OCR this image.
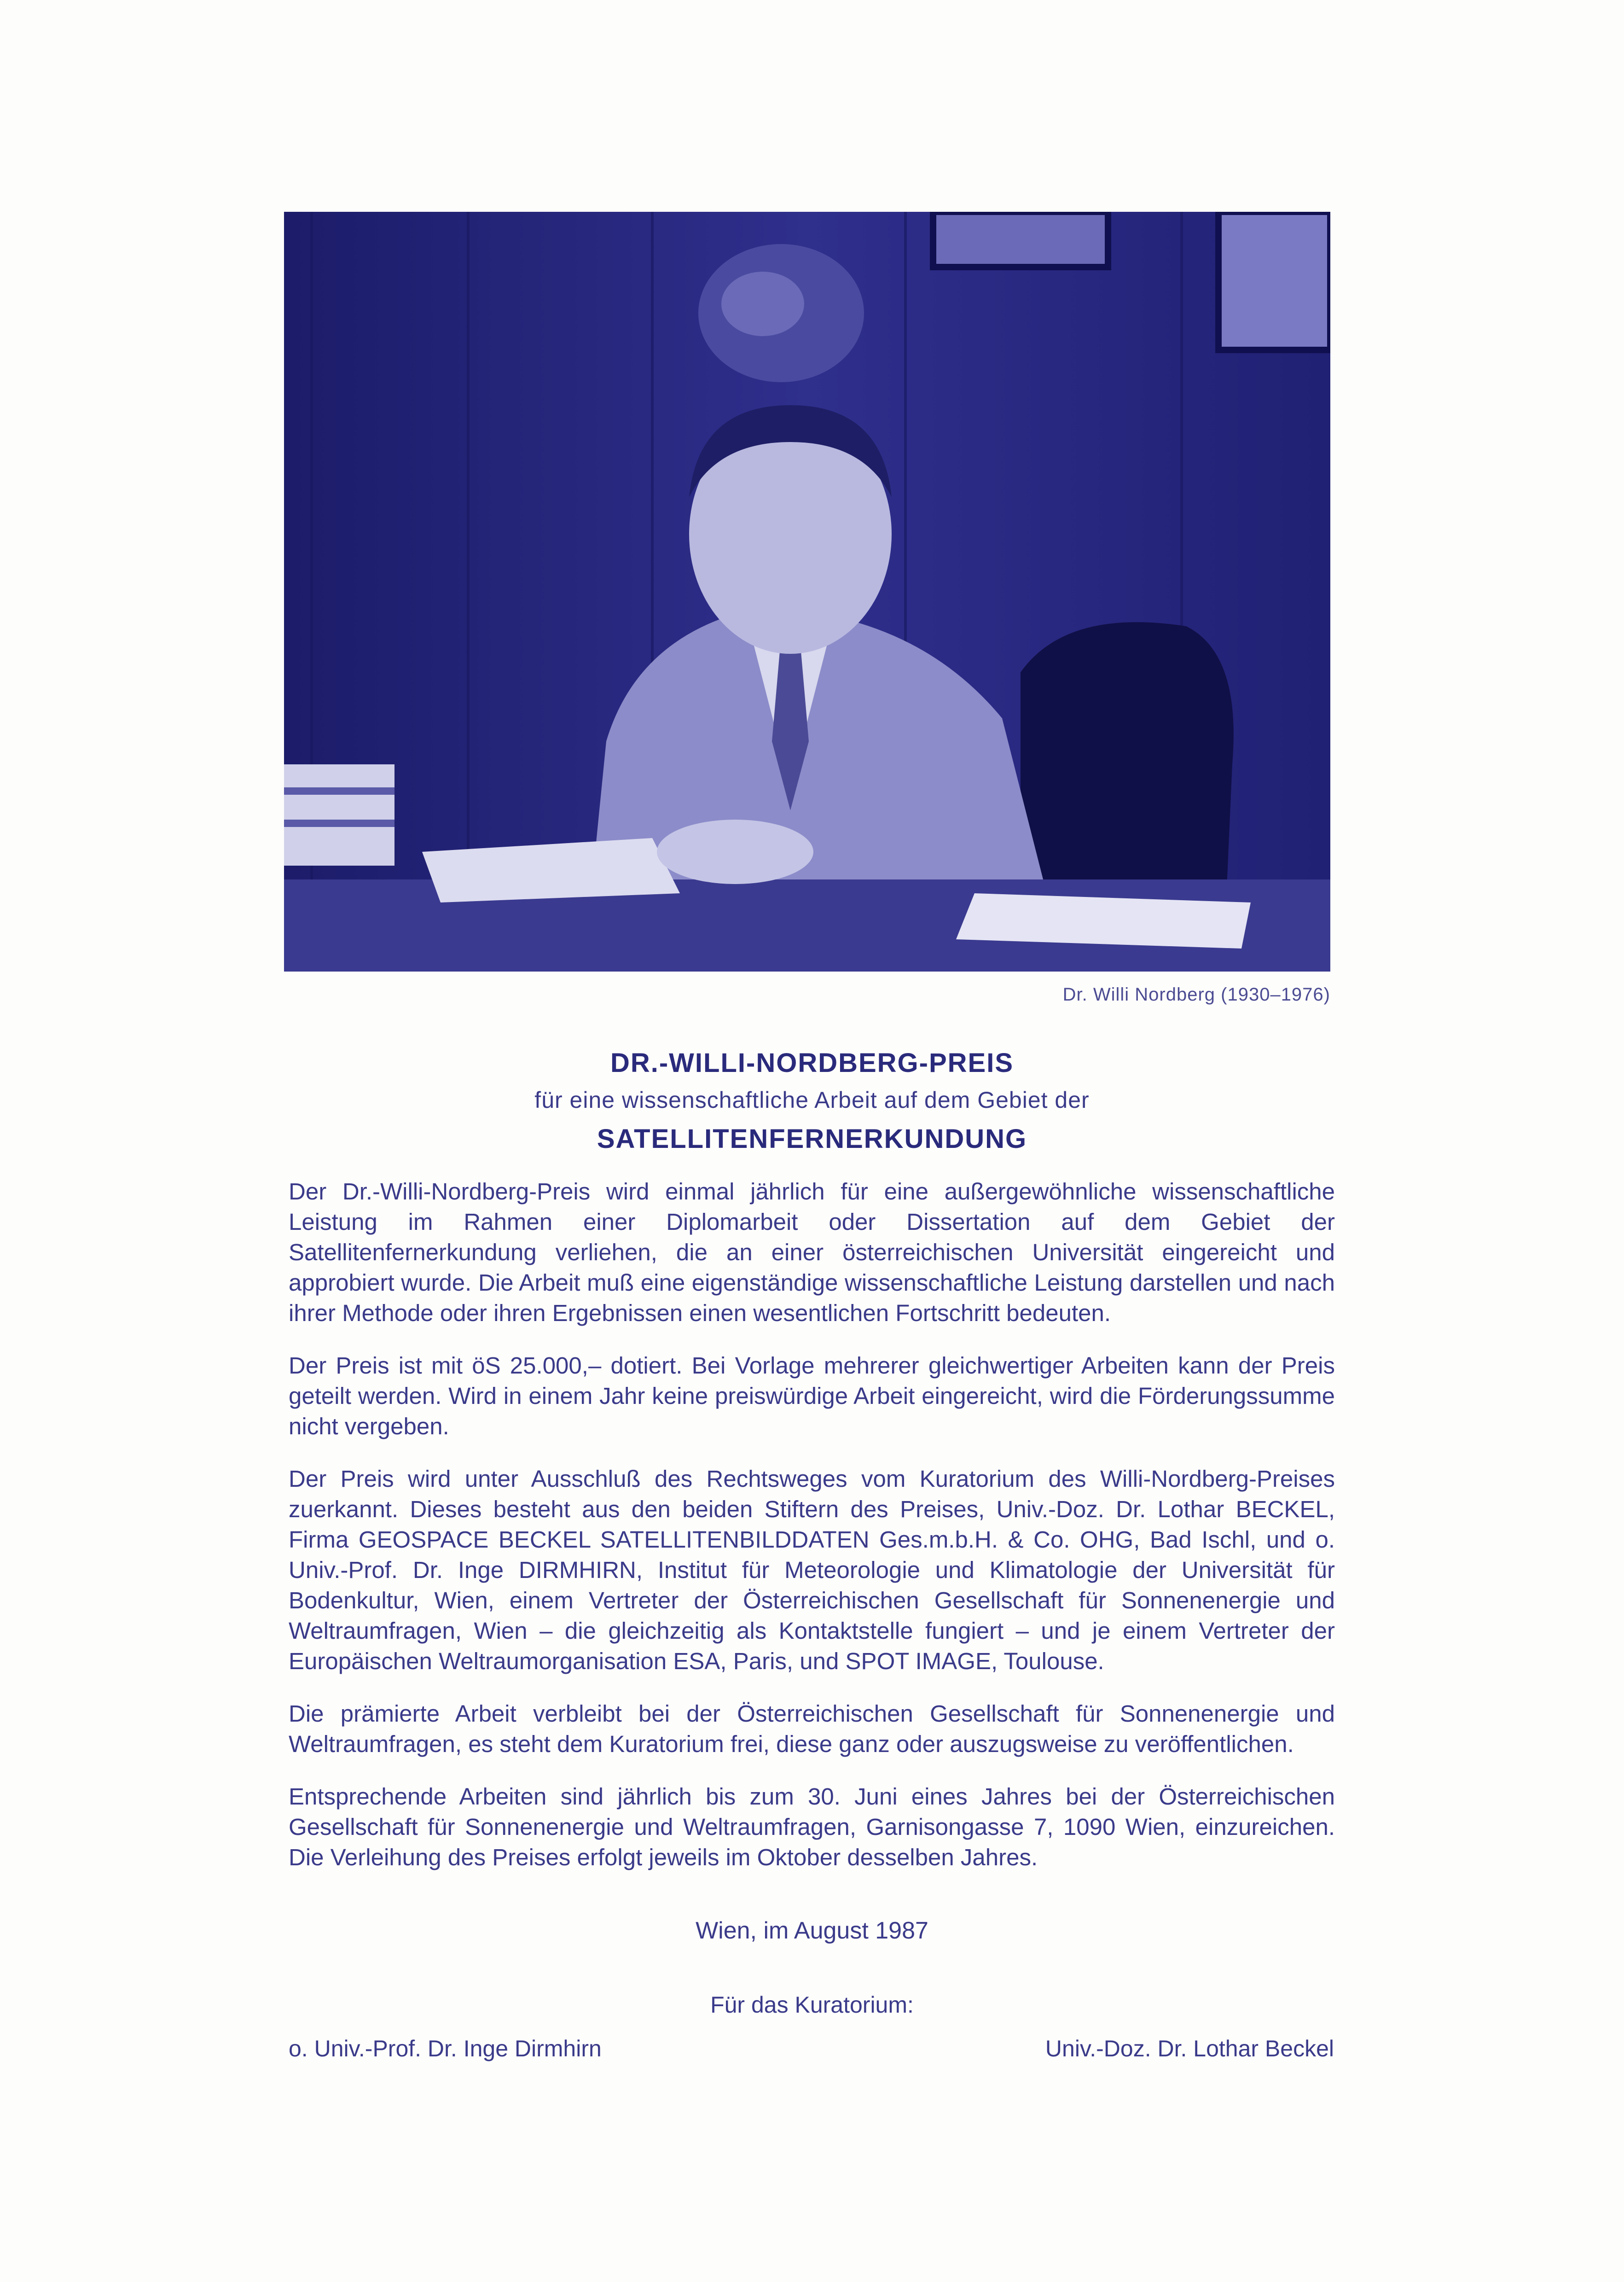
Dr. Willi Nordberg (1930–1976)
DR.-WILLI-NORDBERG-PREIS
für eine wissenschaftliche Arbeit auf dem Gebiet der
SATELLITENFERNERKUNDUNG

Der Dr.-Willi-Nordberg-Preis wird einmal jährlich für eine außergewöhnliche wissenschaftliche Leistung im Rahmen einer Diplomarbeit oder Dissertation auf dem Gebiet der Satellitenfernerkundung verliehen, die an einer österreichischen Universität eingereicht und approbiert wurde. Die Arbeit muß eine eigenständige wissenschaftliche Leistung darstellen und nach ihrer Methode oder ihren Ergebnissen einen wesentlichen Fortschritt bedeuten.

Der Preis ist mit öS 25.000,– dotiert. Bei Vorlage mehrerer gleichwertiger Arbeiten kann der Preis geteilt werden. Wird in einem Jahr keine preiswürdige Arbeit eingereicht, wird die Förderungssumme nicht vergeben.

Der Preis wird unter Ausschluß des Rechtsweges vom Kuratorium des Willi-Nordberg-Preises zuerkannt. Dieses besteht aus den beiden Stiftern des Preises, Univ.-Doz. Dr. Lothar BECKEL, Firma GEOSPACE BECKEL SATELLITENBILDDATEN Ges.m.b.H. & Co. OHG, Bad Ischl, und o. Univ.-Prof. Dr. Inge DIRMHIRN, Institut für Meteorologie und Klimatologie der Universität für Bodenkultur, Wien, einem Vertreter der Österreichischen Gesellschaft für Sonnenenergie und Weltraumfragen, Wien – die gleichzeitig als Kontaktstelle fungiert – und je einem Vertreter der Europäischen Weltraumorganisation ESA, Paris, und SPOT IMAGE, Toulouse.

Die prämierte Arbeit verbleibt bei der Österreichischen Gesellschaft für Sonnenenergie und Weltraumfragen, es steht dem Kuratorium frei, diese ganz oder auszugsweise zu veröffentlichen.

Entsprechende Arbeiten sind jährlich bis zum 30. Juni eines Jahres bei der Österreichischen Gesellschaft für Sonnenenergie und Weltraumfragen, Garnisongasse 7, 1090 Wien, einzureichen. Die Verleihung des Preises erfolgt jeweils im Oktober desselben Jahres.

Wien, im August 1987
Für das Kuratorium:
o. Univ.-Prof. Dr. Inge Dirmhirn	Univ.-Doz. Dr. Lothar Beckel
